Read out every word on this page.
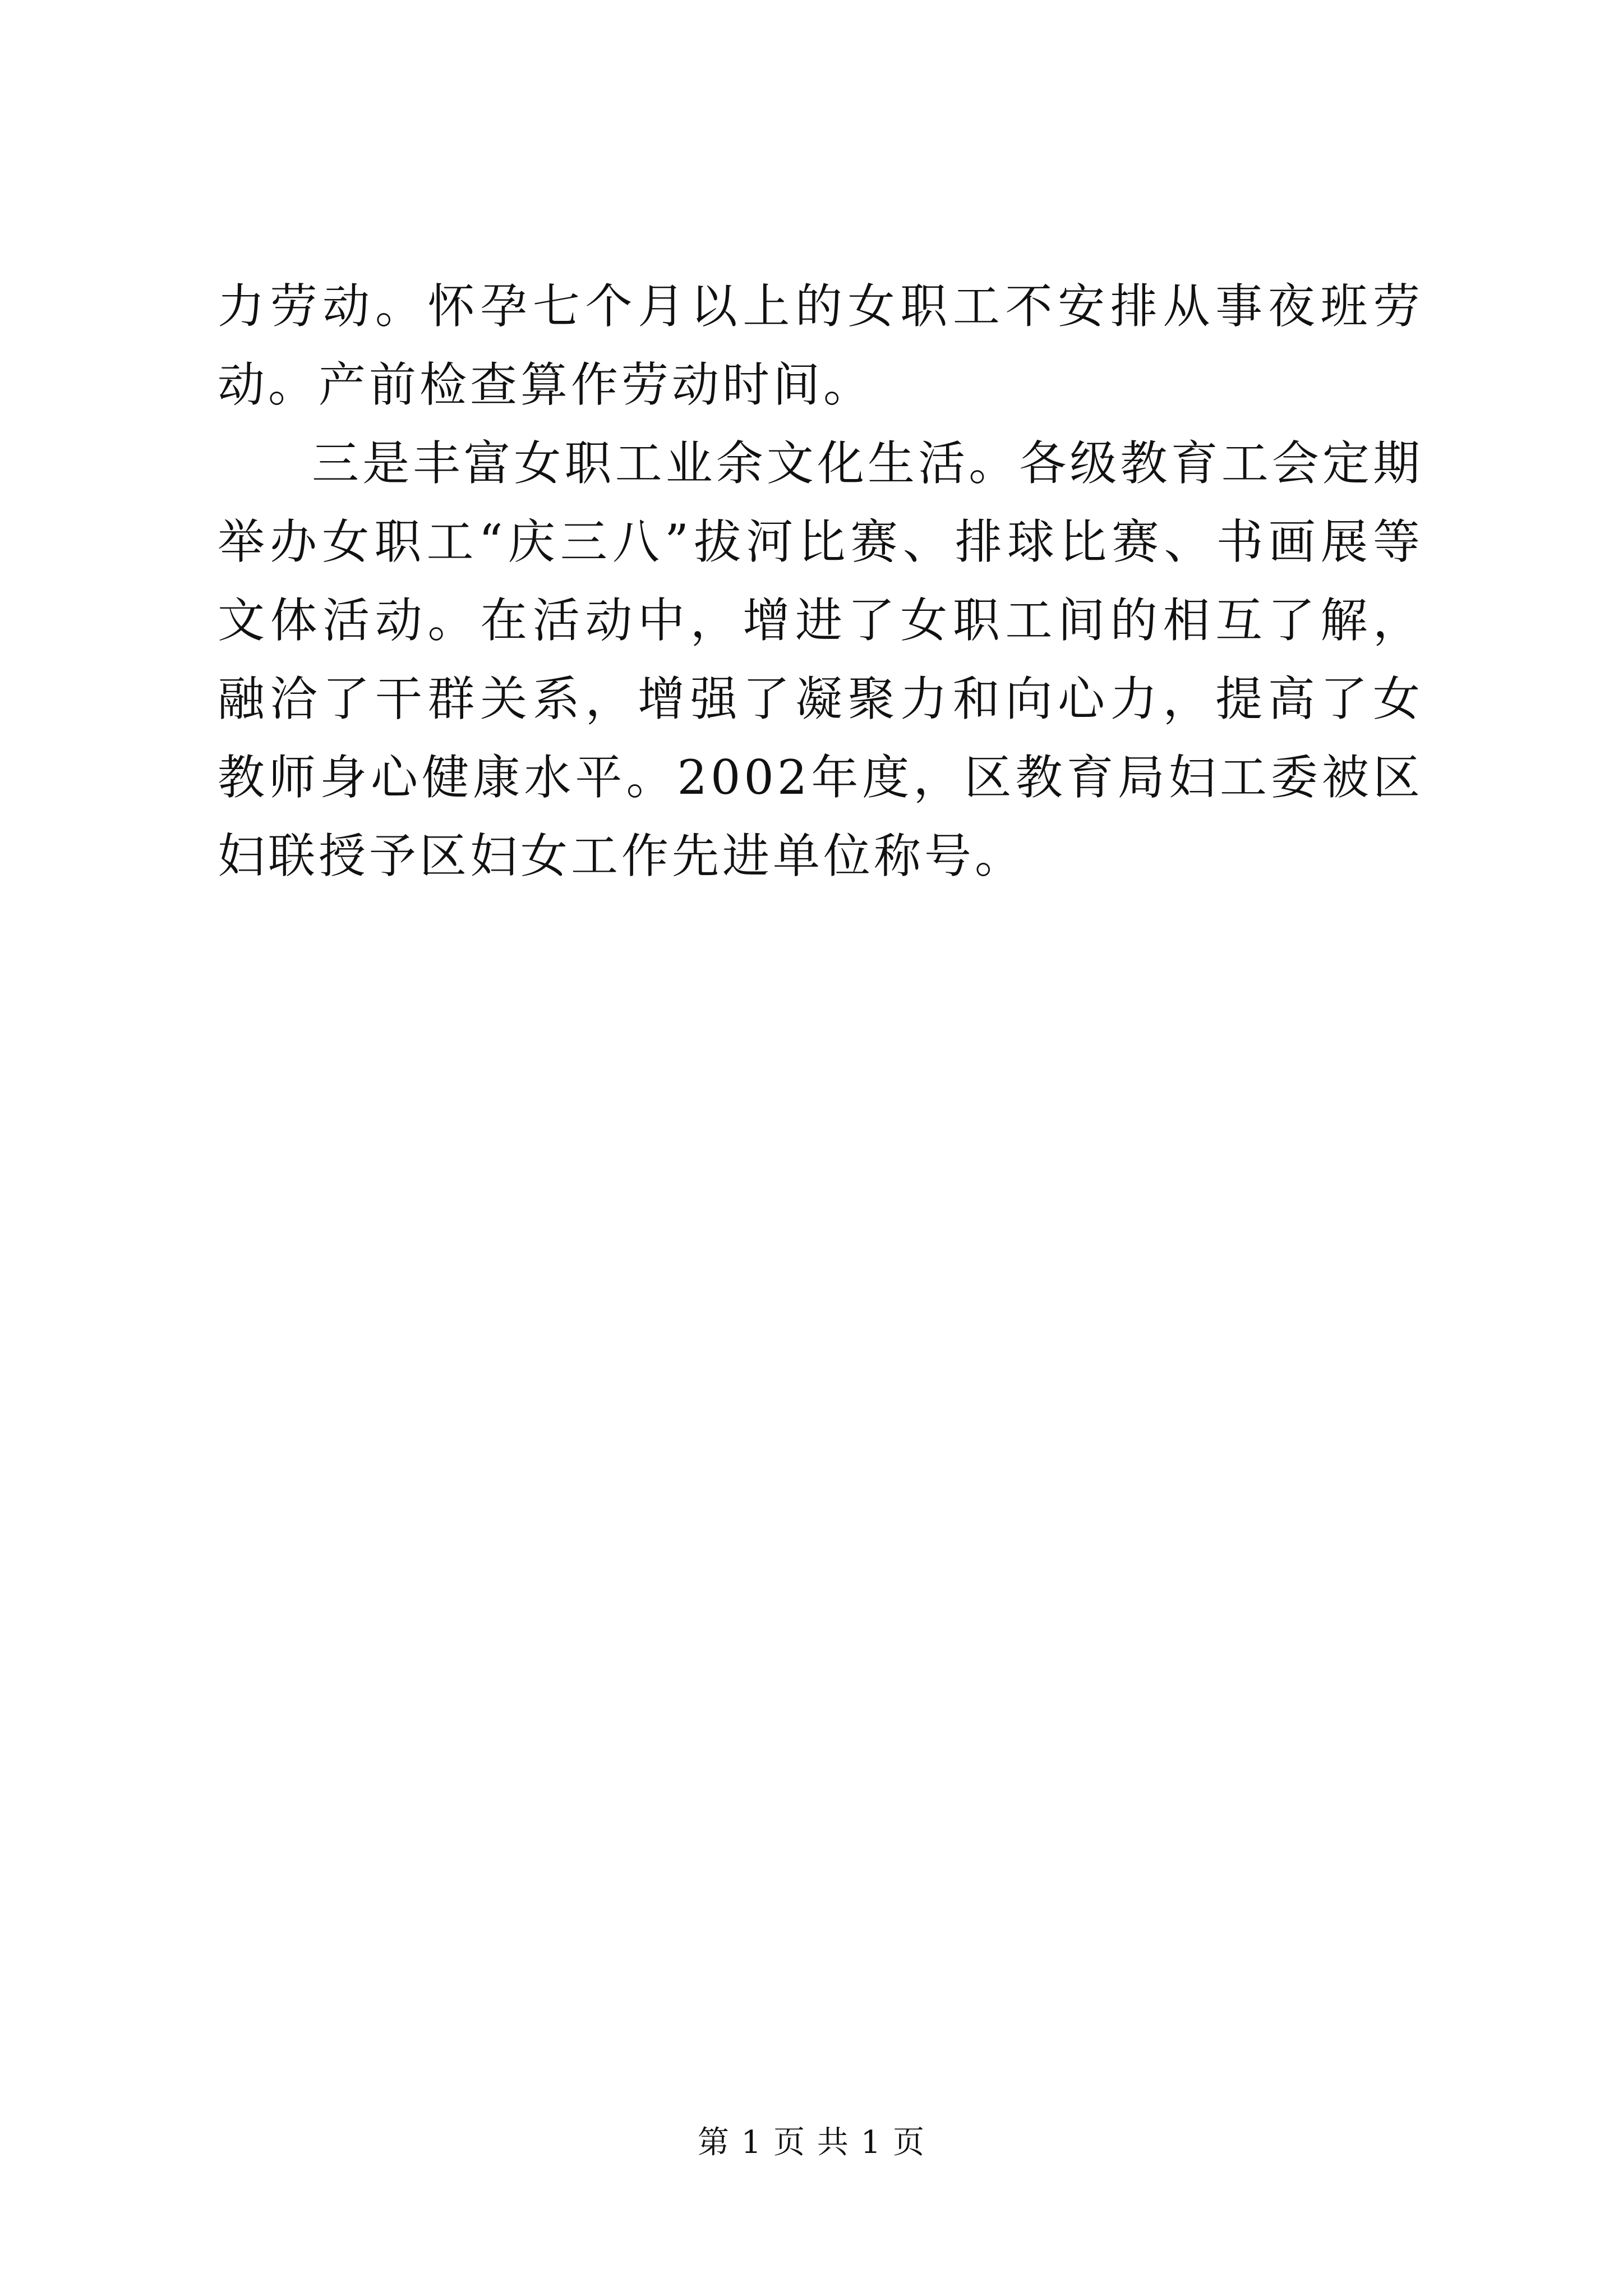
力劳动。怀孕七个月以上的女职工不安排从事夜班劳动。产前检查算作劳动时间。

三是丰富女职工业余文化生活。各级教育工会定期举办女职工“庆三八”拔河比赛、排球比赛、书画展等文体活动。在活动中，增进了女职工间的相互了解，融洽了干群关系，增强了凝聚力和向心力，提高了女教师身心健康水平。2002年度，区教育局妇工委被区妇联授予区妇女工作先进单位称号。

第 1 页 共 1 页
